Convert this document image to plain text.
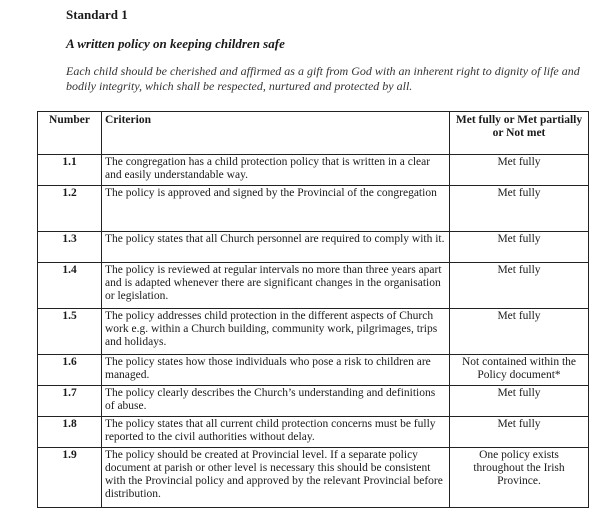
Standard 1
A written policy on keeping children safe
Each child should be cherished and affirmed as a gift from God with an inherent right to dignity of life and bodily integrity, which shall be respected, nurtured and protected by all.
Number	Criterion	Met fully or Met partially or Not met
1.1	The congregation has a child protection policy that is written in a clear and easily understandable way.	Met fully
1.2	The policy is approved and signed by the Provincial of the congregation	Met fully
1.3	The policy states that all Church personnel are required to comply with it.	Met fully
1.4	The policy is reviewed at regular intervals no more than three years apart and is adapted whenever there are significant changes in the organisation or legislation.	Met fully
1.5	The policy addresses child protection in the different aspects of Church work e.g. within a Church building, community work, pilgrimages, trips and holidays.	Met fully
1.6	The policy states how those individuals who pose a risk to children are managed.	Not contained within the Policy document*
1.7	The policy clearly describes the Church’s understanding and definitions of abuse.	Met fully
1.8	The policy states that all current child protection concerns must be fully reported to the civil authorities without delay.	Met fully
1.9	The policy should be created at Provincial level. If a separate policy document at parish or other level is necessary this should be consistent with the Provincial policy and approved by the relevant Provincial before distribution.	One policy exists throughout the Irish Province.
